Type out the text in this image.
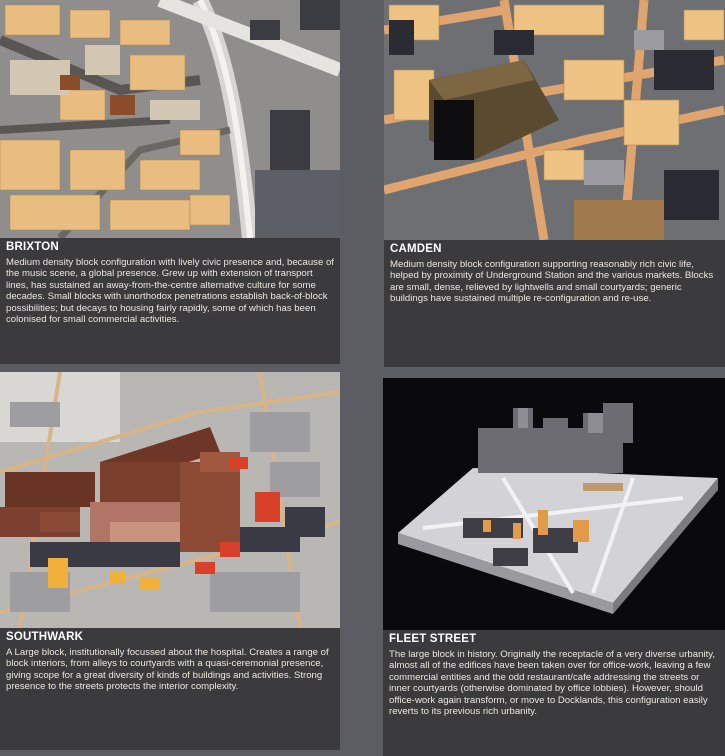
BRIXTON

Medium density block configuration with lively civic presence and, because of the music scene, a global presence. Grew up with extension of transport lines, has sustained an away-from-the-centre alternative culture for some decades. Small blocks with unorthodox penetrations establish back-of-block possibilities; but decays to housing fairly rapidly, some of which has been colonised for small commercial activities.

CAMDEN

Medium density block configuration supporting reasonably rich civic life, helped by proximity of Underground Station and the various markets. Blocks are small, dense, relieved by lightwells and small courtyards; generic buildings have sustained multiple re-configuration and re-use.

SOUTHWARK

A Large block, institutionally focussed about the hospital. Creates a range of block interiors, from alleys to courtyards with a quasi-ceremonial presence, giving scope for a great diversity of kinds of buildings and activities. Strong presence to the streets protects the interior complexity.

FLEET STREET

The large block in history. Originally the receptacle of a very diverse urbanity, almost all of the edifices have been taken over for office-work, leaving a few commercial entities and the odd restaurant/cafe addressing the streets or inner courtyards (otherwise dominated by office lobbies). However, should office-work again transform, or move to Docklands, this configuration easily reverts to its previous rich urbanity.
